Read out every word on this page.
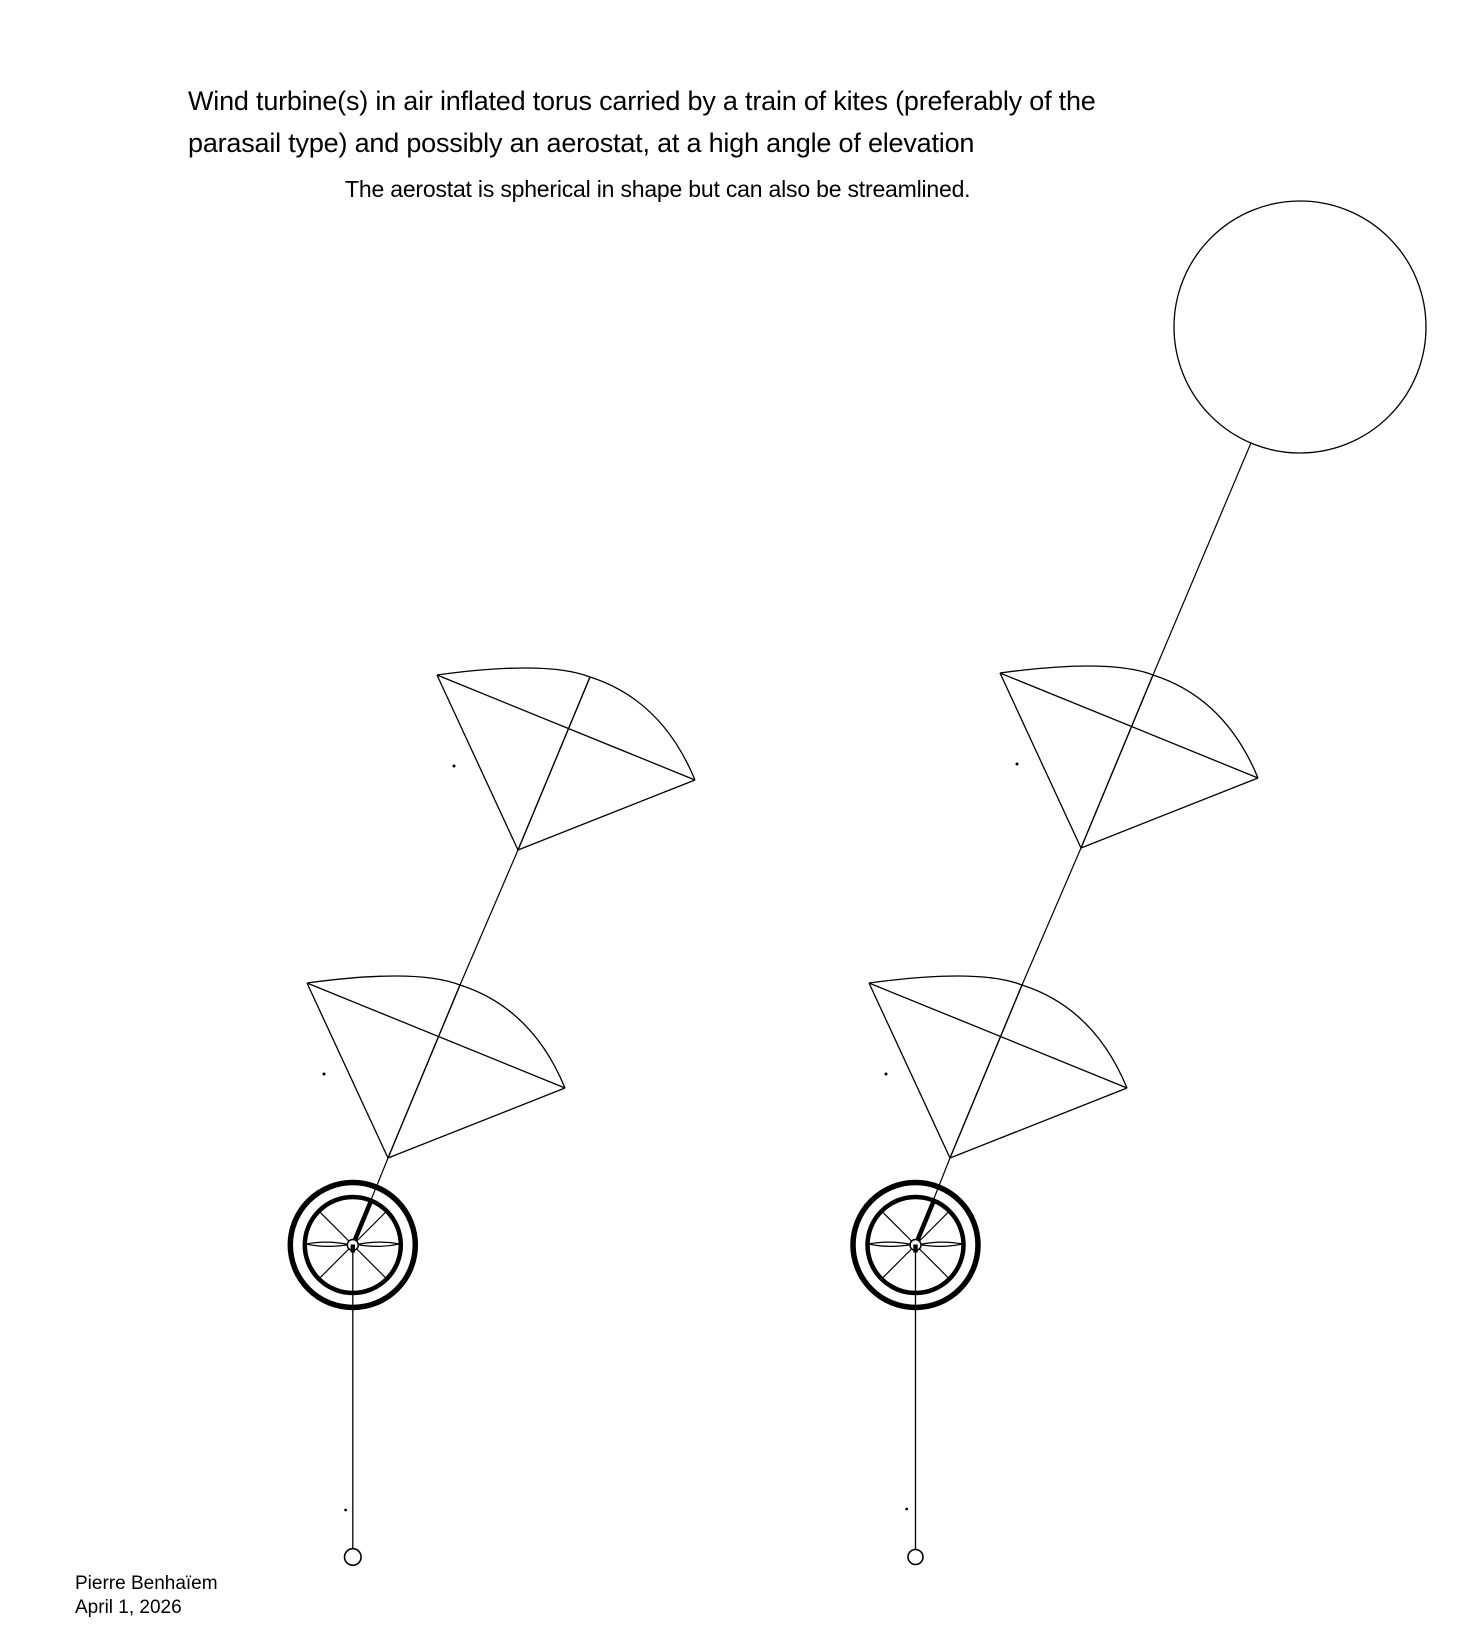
Wind turbine(s) in air inflated torus carried by a train of kites (preferably of the
parasail type) and possibly an aerostat, at a high angle of elevation
The aerostat is spherical in shape but can also be streamlined.
Pierre Benhaïem
April 1, 2026
